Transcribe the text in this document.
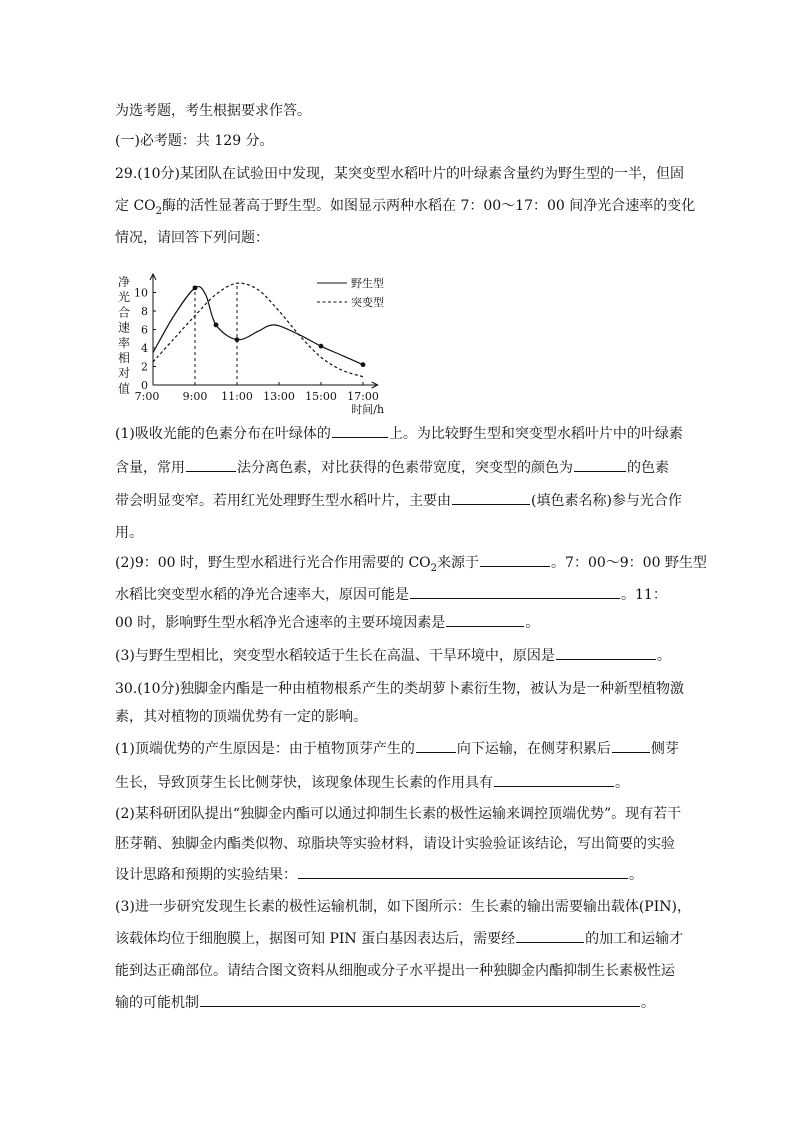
为选考题，考生根据要求作答。
(一)必考题：共 129 分。
29.(10分)某团队在试验田中发现，某突变型水稻叶片的叶绿素含量约为野生型的一半，但固
定 $CO_2$酶的活性显著高于野生型。如图显示两种水稻在 7：00～17：00 间净光合速率的变化
情况，请回答下列问题：
净
光
合
速
率
相
对
值
7:00 9:00 11:00 13:00 15:00 17:00
0
2
4
6
8
10
时间/h
野生型
突变型
(1)吸收光能的色素分布在叶绿体的	上。为比较野生型和突变型水稻叶片中的叶绿素
含量，常用	法分离色素，对比获得的色素带宽度，突变型的颜色为	的色素
带会明显变窄。若用红光处理野生型水稻叶片，主要由	(填色素名称)参与光合作
用。
(2)9：00 时，野生型水稻进行光合作用需要的 $CO_2$来源于	。7：00～9：00 野生型
水稻比突变型水稻的净光合速率大，原因可能是	。11：
00 时，影响野生型水稻净光合速率的主要环境因素是	。
(3)与野生型相比，突变型水稻较适于生长在高温、干旱环境中，原因是	。
30.(10分)独脚金内酯是一种由植物根系产生的类胡萝卜素衍生物，被认为是一种新型植物激
素，其对植物的顶端优势有一定的影响。
(1)顶端优势的产生原因是：由于植物顶芽产生的	向下运输，在侧芽积累后	侧芽
生长，导致顶芽生长比侧芽快，该现象体现生长素的作用具有	。
(2)某科研团队提出“独脚金内酯可以通过抑制生长素的极性运输来调控顶端优势”。现有若干
胚芽鞘、独脚金内酯类似物、琼脂块等实验材料，请设计实验验证该结论，写出简要的实验
设计思路和预期的实验结果：	。
(3)进一步研究发现生长素的极性运输机制，如下图所示：生长素的输出需要输出载体(PIN)，
该载体均位于细胞膜上，据图可知 PIN 蛋白基因表达后，需要经	的加工和运输才
能到达正确部位。请结合图文资料从细胞或分子水平提出一种独脚金内酯抑制生长素极性运
输的可能机制	。
